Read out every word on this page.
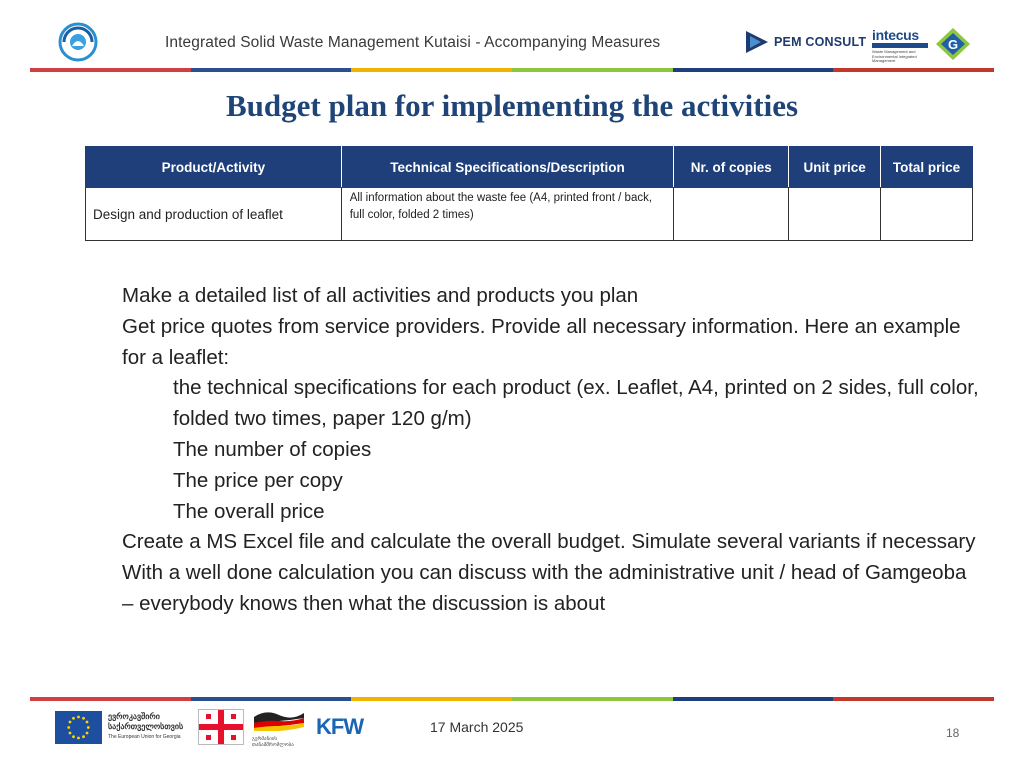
Integrated Solid Waste Management Kutaisi - Accompanying Measures	PEM CONSULT intecus
Waste Management and Environmental Integrated Management
G
Budget plan for implementing the activities
Product/Activity	Technical Specifications/Description	Nr. of copies	Unit price	Total price
Design and production of leaflet	All information about the waste fee (A4, printed front / back, full color, folded 2 times)			

Make a detailed list of all activities and products you plan

Get price quotes from service providers. Provide all necessary information. Here an example for a leaflet:

the technical specifications for each product (ex. Leaflet, A4, printed on 2 sides, full color, folded two times, paper 120 g/m)

The number of copies

The price per copy

The overall price

Create a MS Excel file and calculate the overall budget. Simulate several variants if necessary

With a well done calculation you can discuss with the administrative unit / head of Gamgeoba – everybody knows then what the discussion is about

ევროკავშირი
საქართველოსთვის
The European Union for Georgia	გერმანიის
თანამშრომლობა
KFW	17 March 2025	18
